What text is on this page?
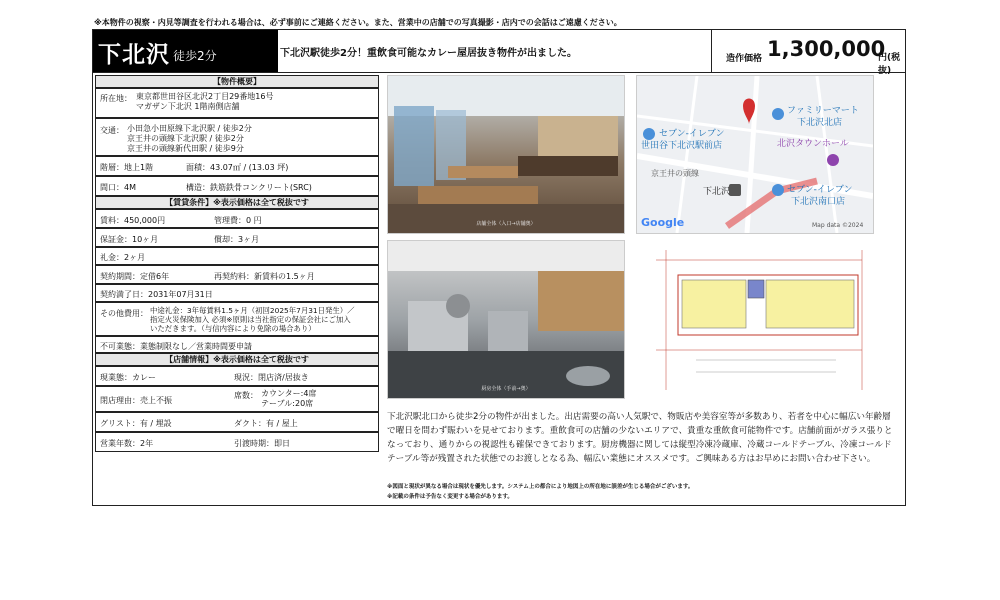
※本物件の視察・内見等調査を行われる場合は、必ず事前にご連絡ください。また、営業中の店舗での写真撮影・店内での会話はご遠慮ください。
下北沢 徒歩2分	下北沢駅徒歩2分！重飲食可能なカレー屋居抜き物件が出ました。	造作価格 1,300,000
円(税抜)
【物件概要】
所在地： 東京都世田谷区北沢2丁目29番地16号
マガザン下北沢 1階南側店舗
交通： 小田急小田原線下北沢駅 / 徒歩2分
京王井の頭線下北沢駅 / 徒歩2分
京王井の頭線新代田駅 / 徒歩9分
階層：地上1階	面積：43.07㎡ / (13.03 坪)
間口：4M	構造：鉄筋鉄骨コンクリート(SRC)
【賃貸条件】※表示価格は全て税抜です
賃料：450,000円	管理費：0 円
保証金：10ヶ月	償却：3ヶ月
礼金：2ヶ月
契約期間：定借6年	再契約料：新賃料の1.5ヶ月
契約満了日：2031年07月31日
その他費用： 中途礼金：3年毎賃料1.5ヶ月（初回2025年7月31日発生）／
指定火災保険加入 必須※原則は当社指定の保証会社にご加入
いただきます。（与信内容により免除の場合あり）
不可業態：業態制限なし／営業時間要申請
【店舗情報】※表示価格は全て税抜です
現業態：カレー	現況：閉店済/居抜き
閉店理由：売上不振
席数： カウンター:4席
テーブル:20席
グリスト：有 / 埋設	ダクト：有 / 屋上
営業年数：2年	引渡時期：即日
店舗全体（入口→店舗奥）
ファミリーマート
下北沢北店
セブン-イレブン
世田谷下北沢駅前店	北沢タウンホール
京王井の頭線
下北沢	セブン-イレブン
下北沢南口店
Google	Map data ©2024
厨房全体（手前→奥）
下北沢駅北口から徒歩2分の物件が出ました。出店需要の高い人気駅で、物販店や美容室等が多数あり、若者を中心に幅広い年齢層で曜日を問わず賑わいを見せております。重飲食可の店舗の少ないエリアで、貴重な重飲食可能物件です。店舗前面がガラス張りとなっており、通りからの視認性も確保できております。厨房機器に関しては縦型冷凍冷蔵庫、冷蔵コールドテーブル、冷凍コールドテーブル等が残置された状態でのお渡しとなる為、幅広い業態にオススメです。ご興味ある方はお早めにお問い合わせ下さい。
※図面と現状が異なる場合は現状を優先します。システム上の都合により地図上の所在地に誤差が生じる場合がございます。
※記載の条件は予告なく変更する場合があります。
